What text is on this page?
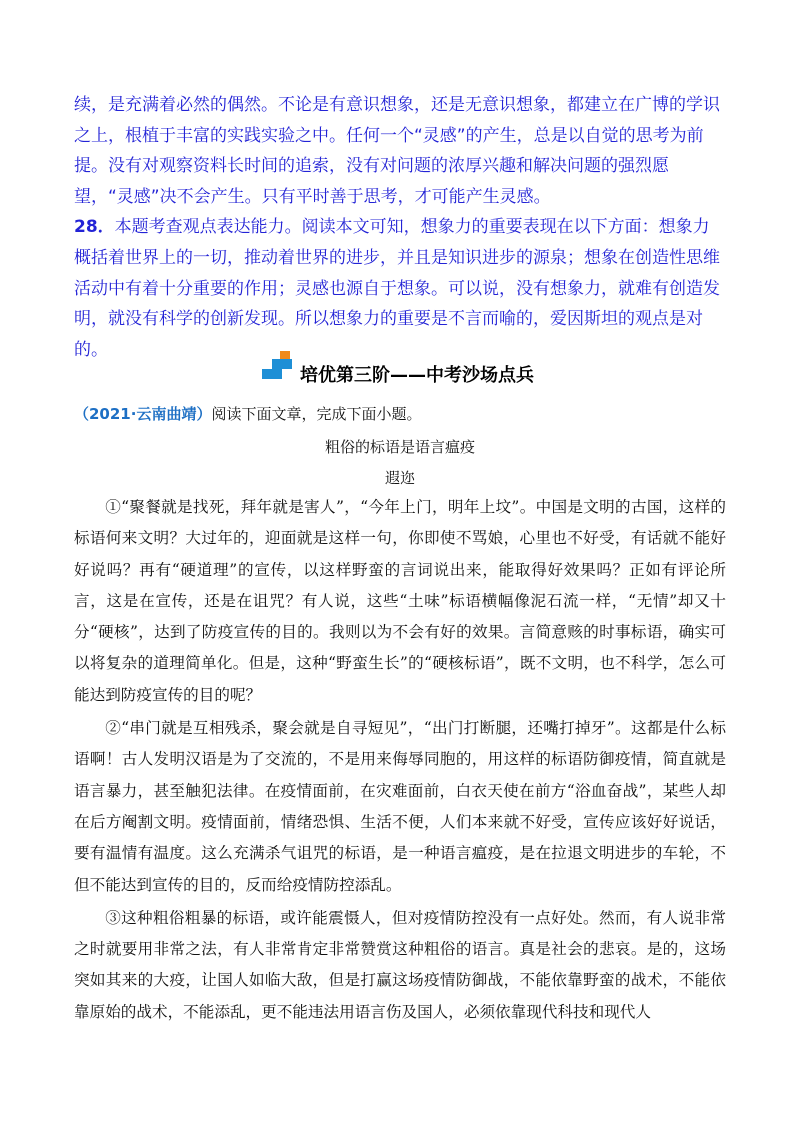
续，是充满着必然的偶然。不论是有意识想象，还是无意识想象，都建立在广博的学识之上，根植于丰富的实践实验之中。任何一个“灵感”的产生，总是以自觉的思考为前提。没有对观察资料长时间的追索，没有对问题的浓厚兴趣和解决问题的强烈愿望，“灵感”决不会产生。只有平时善于思考，才可能产生灵感。

28．本题考查观点表达能力。阅读本文可知，想象力的重要表现在以下方面：想象力概括着世界上的一切，推动着世界的进步，并且是知识进步的源泉；想象在创造性思维活动中有着十分重要的作用；灵感也源自于想象。可以说，没有想象力，就难有创造发明，就没有科学的创新发现。所以想象力的重要是不言而喻的，爱因斯坦的观点是对的。

培优第三阶——中考沙场点兵
（2021·云南曲靖）阅读下面文章，完成下面小题。
粗俗的标语是语言瘟疫
遐迩

①“聚餐就是找死，拜年就是害人”，“今年上门，明年上坟”。中国是文明的古国，这样的标语何来文明？大过年的，迎面就是这样一句，你即使不骂娘，心里也不好受，有话就不能好好说吗？再有“硬道理”的宣传，以这样野蛮的言词说出来，能取得好效果吗？正如有评论所言，这是在宣传，还是在诅咒？有人说，这些“土味”标语横幅像泥石流一样，“无情”却又十分“硬核”，达到了防疫宣传的目的。我则以为不会有好的效果。言简意赅的时事标语，确实可以将复杂的道理简单化。但是，这种“野蛮生长”的“硬核标语”，既不文明，也不科学，怎么可能达到防疫宣传的目的呢？

②“串门就是互相残杀，聚会就是自寻短见”，“出门打断腿，还嘴打掉牙”。这都是什么标语啊！古人发明汉语是为了交流的，不是用来侮辱同胞的，用这样的标语防御疫情，简直就是语言暴力，甚至触犯法律。在疫情面前，在灾难面前，白衣天使在前方“浴血奋战”，某些人却在后方阉割文明。疫情面前，情绪恐惧、生活不便，人们本来就不好受，宣传应该好好说话，要有温情有温度。这么充满杀气诅咒的标语，是一种语言瘟疫，是在拉退文明进步的车轮，不但不能达到宣传的目的，反而给疫情防控添乱。

③这种粗俗粗暴的标语，或许能震慑人，但对疫情防控没有一点好处。然而，有人说非常之时就要用非常之法，有人非常肯定非常赞赏这种粗俗的语言。真是社会的悲哀。是的，这场突如其来的大疫，让国人如临大敌，但是打赢这场疫情防御战，不能依靠野蛮的战术，不能依靠原始的战术，不能添乱，更不能违法用语言伤及国人，必须依靠现代科技和现代人
